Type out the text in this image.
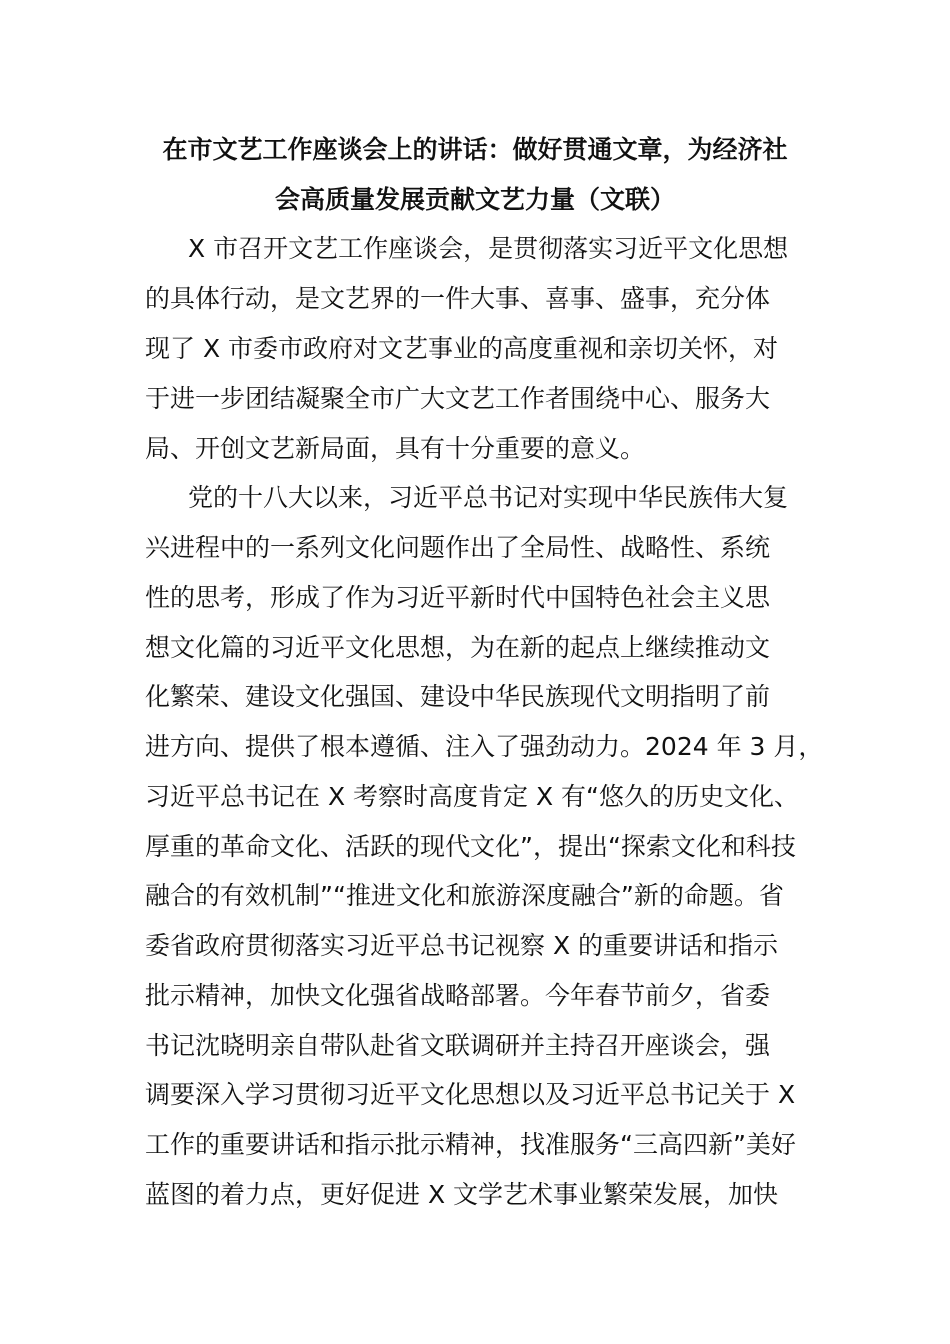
在市文艺工作座谈会上的讲话：做好贯通文章，为经济社
会高质量发展贡献文艺力量（文联）
X 市召开文艺工作座谈会，是贯彻落实习近平文化思想
的具体行动，是文艺界的一件大事、喜事、盛事，充分体
现了 X 市委市政府对文艺事业的高度重视和亲切关怀，对
于进一步团结凝聚全市广大文艺工作者围绕中心、服务大
局、开创文艺新局面，具有十分重要的意义。
党的十八大以来，习近平总书记对实现中华民族伟大复
兴进程中的一系列文化问题作出了全局性、战略性、系统
性的思考，形成了作为习近平新时代中国特色社会主义思
想文化篇的习近平文化思想，为在新的起点上继续推动文
化繁荣、建设文化强国、建设中华民族现代文明指明了前
进方向、提供了根本遵循、注入了强劲动力。2024 年 3 月，
习近平总书记在 X 考察时高度肯定 X 有“悠久的历史文化、
厚重的革命文化、活跃的现代文化”，提出“探索文化和科技
融合的有效机制”“推进文化和旅游深度融合”新的命题。省
委省政府贯彻落实习近平总书记视察 X 的重要讲话和指示
批示精神，加快文化强省战略部署。今年春节前夕，省委
书记沈晓明亲自带队赴省文联调研并主持召开座谈会，强
调要深入学习贯彻习近平文化思想以及习近平总书记关于 X
工作的重要讲话和指示批示精神，找准服务“三高四新”美好
蓝图的着力点，更好促进 X 文学艺术事业繁荣发展，加快
